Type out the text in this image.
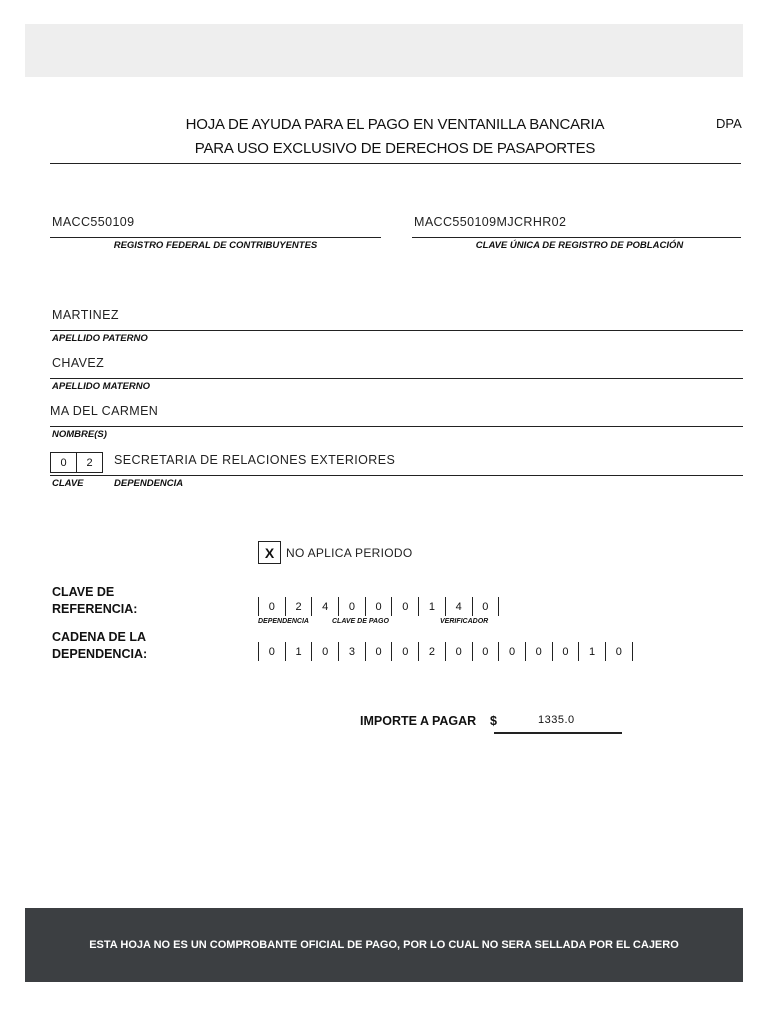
HOJA DE AYUDA PARA EL PAGO EN VENTANILLA BANCARIA
PARA USO EXCLUSIVO DE DERECHOS DE PASAPORTES
DPA
MACC550109
REGISTRO FEDERAL DE CONTRIBUYENTES
MACC550109MJCRHR02
CLAVE ÚNICA DE REGISTRO DE POBLACIÓN
MARTINEZ
APELLIDO PATERNO
CHAVEZ
APELLIDO MATERNO
MA DEL CARMEN
NOMBRE(S)
0	2	SECRETARIA DE RELACIONES EXTERIORES
CLAVE	DEPENDENCIA
X NO APLICA PERIODO
CLAVE DE
REFERENCIA:	0	2	4	0	0	0	1	4	0
DEPENDENCIA	CLAVE DE PAGO	VERIFICADOR
CADENA DE LA
DEPENDENCIA:	0	1	0	3	0	0	2	0	0	0	0	0	1	0
IMPORTE A PAGAR $	1335.0
ESTA HOJA NO ES UN COMPROBANTE OFICIAL DE PAGO, POR LO CUAL NO SERA SELLADA POR EL CAJERO
